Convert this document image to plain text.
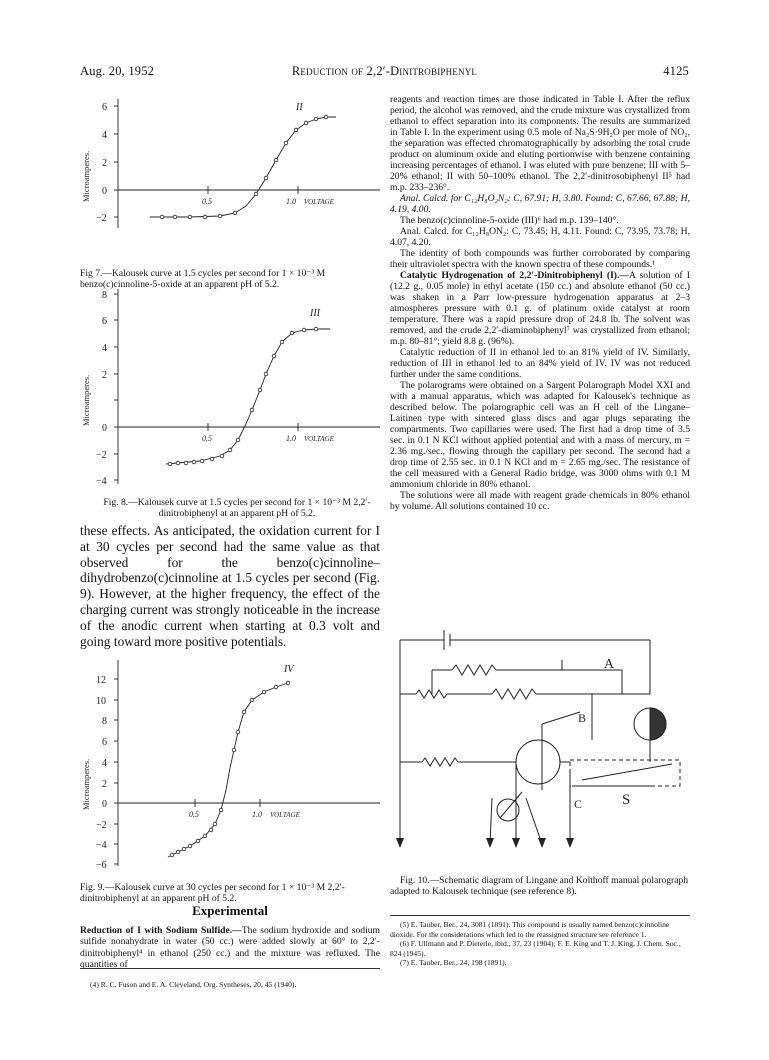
Aug. 20, 1952	Reduction of 2,2′-Dinitrobiphenyl	4125
6
4
2
0
−2
0.5	1.0 VOLTAGE
II
Microamperes.

Fig 7.—Kalousek curve at 1.5 cycles per second for 1 × 10⁻³ M benzo(c)cinnoline-5-oxide at an apparent pH of 5.2.

8
6
4
2
0
−2
−4
0.5	1.0 VOLTAGE
III
Microamperes.

Fig. 8.—Kalousek curve at 1.5 cycles per second for 1 × 10⁻³ M 2,2′-dinitrobiphenyl at an apparent pH of 5.2.

these effects. As anticipated, the oxidation current for I at 30 cycles per second had the same value as that observed for the benzo(c)cinnoline–dihydrobenzo(c)cinnoline at 1.5 cycles per second (Fig. 9). However, at the higher frequency, the effect of the charging current was strongly noticeable in the increase of the anodic current when starting at 0.3 volt and going toward more positive potentials.

12
10
8
6
4
2
0
−2
−4
−6
0.5	1.0 VOLTAGE
IV
Microamperes.

Fig. 9.—Kalousek curve at 30 cycles per second for 1 × 10⁻³ M 2,2′-dinitrobiphenyl at an apparent pH of 5.2.

Experimental

Reduction of I with Sodium Sulfide.—The sodium hydroxide and sodium sulfide nonahydrate in water (50 cc.) were added slowly at 60° to 2,2′-dinitrobiphenyl⁴ in ethanol (250 cc.) and the mixture was refluxed. The quantities of

(4) R. C. Fuson and E. A. Cleveland, Org. Syntheses, 20, 45 (1940).

reagents and reaction times are those indicated in Table I. After the reflux period, the alcohol was removed, and the crude mixture was crystallized from ethanol to effect separation into its components. The results are summarized in Table I. In the experiment using 0.5 mole of Na₂S·9H₂O per mole of NO₂, the separation was effected chromatographically by adsorbing the total crude product on aluminum oxide and eluting portionwise with benzene containing increasing percentages of ethanol. I was eluted with pure benzene; III with 5–20% ethanol; II with 50–100% ethanol. The 2,2′-dinitrosobiphenyl II⁵ had m.p. 233–236°.

Anal. Calcd. for C₁₂H₈O₂N₂: C, 67.91; H, 3.80. Found: C, 67.66, 67.88; H, 4.19, 4.00.

The benzo(c)cinnoline-5-oxide (III)⁶ had m.p. 139–140°.

Anal. Calcd. for C₁₂H₈ON₂: C, 73.45; H, 4.11. Found: C, 73.95, 73.78; H, 4.07, 4.20.

The identity of both compounds was further corroborated by comparing their ultraviolet spectra with the known spectra of these compounds.¹

Catalytic Hydrogenation of 2,2′-Dinitrobiphenyl (I).—A solution of I (12.2 g., 0.05 mole) in ethyl acetate (150 cc.) and absolute ethanol (50 cc.) was shaken in a Parr low-pressure hydrogenation apparatus at 2–3 atmospheres pressure with 0.1 g. of platinum oxide catalyst at room temperature. There was a rapid pressure drop of 24.8 lb. The solvent was removed, and the crude 2,2′-diaminobiphenyl⁷ was crystallized from ethanol; m.p. 80–81°; yield 8.8 g. (96%).

Catalytic reduction of II in ethanol led to an 81% yield of IV. Similarly, reduction of III in ethanol led to an 84% yield of IV. IV was not reduced further under the same conditions.

The polarograms were obtained on a Sargent Polarograph Model XXI and with a manual apparatus, which was adapted for Kalousek's technique as described below. The polarographic cell was an H cell of the Lingane–Laitinen type with sintered glass discs and agar plugs separating the compartments. Two capillaries were used. The first had a drop time of 3.5 sec. in 0.1 N KCl without applied potential and with a mass of mercury, m = 2.36 mg./sec., flowing through the capillary per second. The second had a drop time of 2.55 sec. in 0.1 N KCl and m = 2.65 mg./sec. The resistance of the cell measured with a General Radio bridge, was 3000 ohms with 0.1 M ammonium chloride in 80% ethanol.

The solutions were all made with reagent grade chemicals in 80% ethanol by volume. All solutions contained 10 cc.

A
B
C	S

Fig. 10.—Schematic diagram of Lingane and Kolthoff manual polarograph adapted to Kalousek technique (see reference 8).

(5) E. Tauber, Ber., 24, 3081 (1891). This compound is usually named benzo(c)cinnoline dioxide. For the considerations which led to the reassigned structure see reference 1.

(6) F. Ullmann and P. Dieterle, ibid., 37, 23 (1904); F. E. King and T. J. King, J. Chem. Soc., 824 (1945).

(7) E. Tauber, Ber., 24, 198 (1891).
